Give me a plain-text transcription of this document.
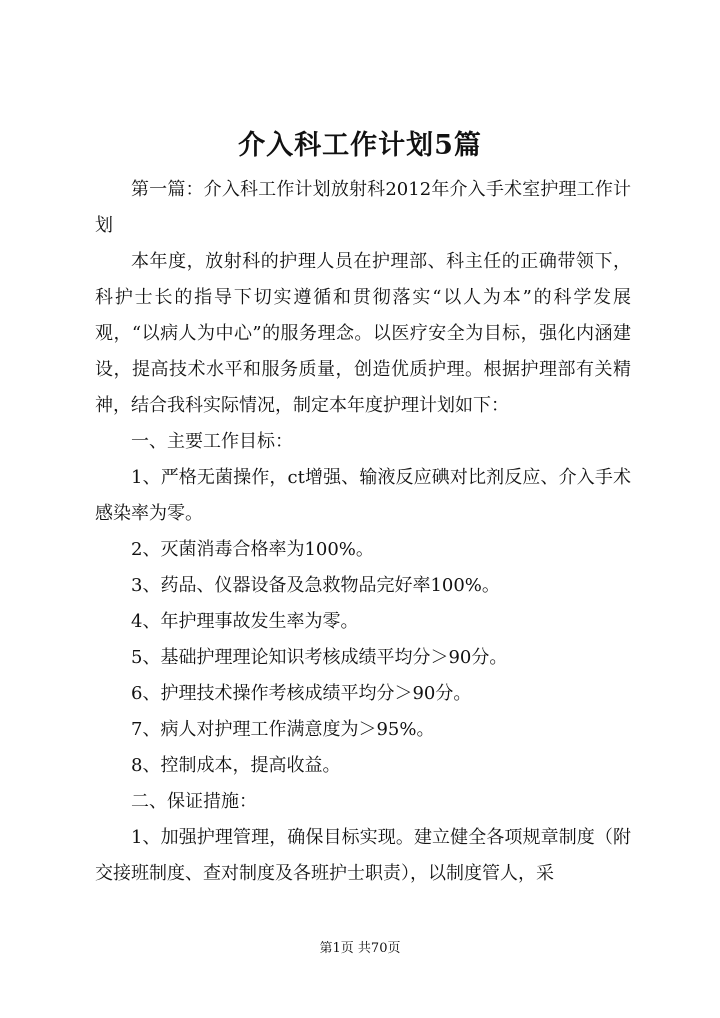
介入科工作计划5篇

第一篇：介入科工作计划放射科2012年介入手术室护理工作计划

本年度，放射科的护理人员在护理部、科主任的正确带领下，科护士长的指导下切实遵循和贯彻落实“以人为本”的科学发展观，“以病人为中心”的服务理念。以医疗安全为目标，强化内涵建设，提高技术水平和服务质量，创造优质护理。根据护理部有关精神，结合我科实际情况，制定本年度护理计划如下：

一、主要工作目标：

1、严格无菌操作，ct增强、输液反应碘对比剂反应、介入手术感染率为零。

2、灭菌消毒合格率为100%。

3、药品、仪器设备及急救物品完好率100%。

4、年护理事故发生率为零。

5、基础护理理论知识考核成绩平均分＞90分。

6、护理技术操作考核成绩平均分＞90分。

7、病人对护理工作满意度为＞95%。

8、控制成本，提高收益。

二、保证措施：

1、加强护理管理，确保目标实现。建立健全各项规章制度（附交接班制度、查对制度及各班护士职责），以制度管人，采

第1页 共70页
